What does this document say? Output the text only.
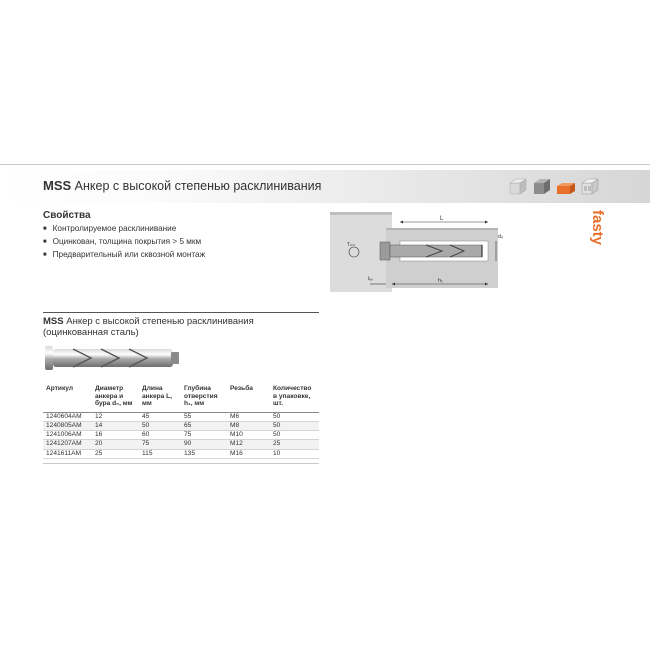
MSS Анкер с высокой степенью расклинивания
Свойства
■ Контролируемое расклинивание
■ Оцинкован, толщина покрытия > 5 мкм
■ Предварительный или сквозной монтаж
L
d₀
h₁
tₑₓ
Tₙₛₜ	fasty
MSS Анкер с высокой степенью расклинивания
(оцинкованная сталь)
Артикул	Диаметр анкера и бура d₀, мм	Длина анкера L, мм	Глубина отверстия h₁, мм	Резьба	Количество в упаковке, шт.
1240604AM	12	45	55	M6	50
1240805AM	14	50	65	M8	50
1241006AM	16	60	75	M10	50
1241207AM	20	75	90	M12	25
1241611AM	25	115	135	M16	10
